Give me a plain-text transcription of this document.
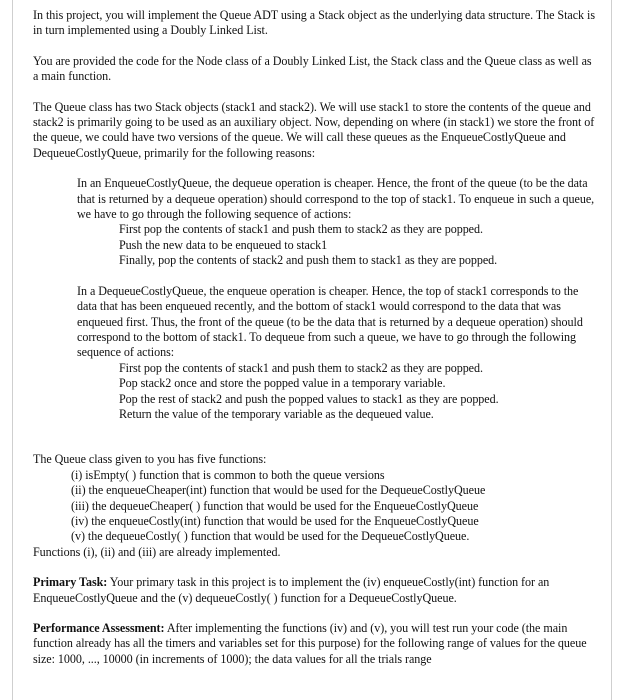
In this project, you will implement the Queue ADT using a Stack object as the underlying data structure. The Stack is in turn implemented using a Doubly Linked List.

You are provided the code for the Node class of a Doubly Linked List, the Stack class and the Queue class as well as a main function.

The Queue class has two Stack objects (stack1 and stack2). We will use stack1 to store the contents of the queue and stack2 is primarily going to be used as an auxiliary object. Now, depending on where (in stack1) we store the front of the queue, we could have two versions of the queue. We will call these queues as the EnqueueCostlyQueue and DequeueCostlyQueue, primarily for the following reasons:

In an EnqueueCostlyQueue, the dequeue operation is cheaper. Hence, the front of the queue (to be the data that is returned by a dequeue operation) should correspond to the top of stack1. To enqueue in such a queue, we have to go through the following sequence of actions:

First pop the contents of stack1 and push them to stack2 as they are popped.

Push the new data to be enqueued to stack1

Finally, pop the contents of stack2 and push them to stack1 as they are popped.

In a DequeueCostlyQueue, the enqueue operation is cheaper. Hence, the top of stack1 corresponds to the data that has been enqueued recently, and the bottom of stack1 would correspond to the data that was enqueued first. Thus, the front of the queue (to be the data that is returned by a dequeue operation) should correspond to the bottom of stack1. To dequeue from such a queue, we have to go through the following sequence of actions:

First pop the contents of stack1 and push them to stack2 as they are popped.

Pop stack2 once and store the popped value in a temporary variable.

Pop the rest of stack2 and push the popped values to stack1 as they are popped.

Return the value of the temporary variable as the dequeued value.

The Queue class given to you has five functions:

(i) isEmpty( ) function that is common to both the queue versions

(ii) the enqueueCheaper(int) function that would be used for the DequeueCostlyQueue

(iii) the dequeueCheaper( ) function that would be used for the EnqueueCostlyQueue

(iv) the enqueueCostly(int) function that would be used for the EnqueueCostlyQueue

(v) the dequeueCostly( ) function that would be used for the DequeueCostlyQueue.

Functions (i), (ii) and (iii) are already implemented.

Primary Task: Your primary task in this project is to implement the (iv) enqueueCostly(int) function for an EnqueueCostlyQueue and the (v) dequeueCostly( ) function for a DequeueCostlyQueue.

Performance Assessment: After implementing the functions (iv) and (v), you will test run your code (the main function already has all the timers and variables set for this purpose) for the following range of values for the queue size: 1000, ..., 10000 (in increments of 1000); the data values for all the trials range
